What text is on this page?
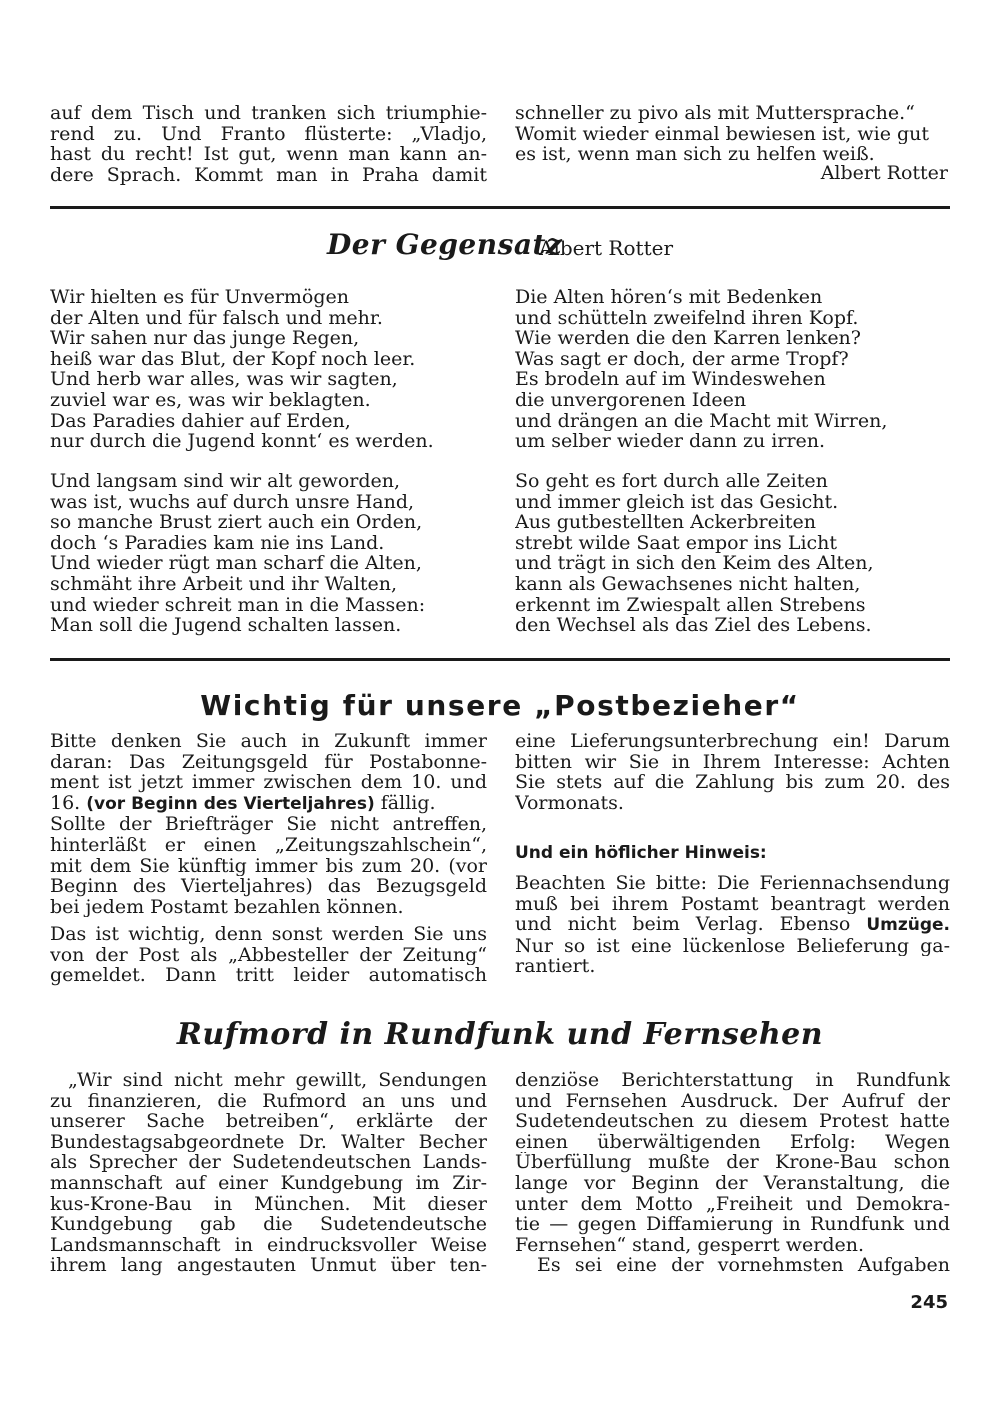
auf dem Tisch und tranken sich triumphie-
rend zu. Und Franto flüsterte: „Vladjo,
hast du recht! Ist gut, wenn man kann an-
dere Sprach. Kommt man in Praha damit
schneller zu pivo als mit Muttersprache.“
Womit wieder einmal bewiesen ist, wie gut
es ist, wenn man sich zu helfen weiß.
Albert Rotter
Der Gegensatz
Albert Rotter
Wir hielten es für Unvermögen
der Alten und für falsch und mehr.
Wir sahen nur das junge Regen,
heiß war das Blut, der Kopf noch leer.
Und herb war alles, was wir sagten,
zuviel war es, was wir beklagten.
Das Paradies dahier auf Erden,
nur durch die Jugend konnt‘ es werden.
Und langsam sind wir alt geworden,
was ist, wuchs auf durch unsre Hand,
so manche Brust ziert auch ein Orden,
doch ‘s Paradies kam nie ins Land.
Und wieder rügt man scharf die Alten,
schmäht ihre Arbeit und ihr Walten,
und wieder schreit man in die Massen:
Man soll die Jugend schalten lassen.
Die Alten hören‘s mit Bedenken
und schütteln zweifelnd ihren Kopf.
Wie werden die den Karren lenken?
Was sagt er doch, der arme Tropf?
Es brodeln auf im Windeswehen
die unvergorenen Ideen
und drängen an die Macht mit Wirren,
um selber wieder dann zu irren.
So geht es fort durch alle Zeiten
und immer gleich ist das Gesicht.
Aus gutbestellten Ackerbreiten
strebt wilde Saat empor ins Licht
und trägt in sich den Keim des Alten,
kann als Gewachsenes nicht halten,
erkennt im Zwiespalt allen Strebens
den Wechsel als das Ziel des Lebens.
Wichtig für unsere „Postbezieher“
Bitte denken Sie auch in Zukunft immer
daran: Das Zeitungsgeld für Postabonne-
ment ist jetzt immer zwischen dem 10. und
16. (vor Beginn des Vierteljahres) fällig.
Sollte der Briefträger Sie nicht antreffen,
hinterläßt er einen „Zeitungszahlschein“,
mit dem Sie künftig immer bis zum 20. (vor
Beginn des Vierteljahres) das Bezugsgeld
bei jedem Postamt bezahlen können.
Das ist wichtig, denn sonst werden Sie uns
von der Post als „Abbesteller der Zeitung“
gemeldet. Dann tritt leider automatisch
eine Lieferungsunterbrechung ein! Darum
bitten wir Sie in Ihrem Interesse: Achten
Sie stets auf die Zahlung bis zum 20. des
Vormonats.
Und ein höflicher Hinweis:
Beachten Sie bitte: Die Feriennachsendung
muß bei ihrem Postamt beantragt werden
und nicht beim Verlag. Ebenso Umzüge.
Nur so ist eine lückenlose Belieferung ga-
rantiert.
Rufmord in Rundfunk und Fernsehen
„Wir sind nicht mehr gewillt, Sendungen
zu finanzieren, die Rufmord an uns und
unserer Sache betreiben“, erklärte der
Bundestagsabgeordnete Dr. Walter Becher
als Sprecher der Sudetendeutschen Lands-
mannschaft auf einer Kundgebung im Zir-
kus-Krone-Bau in München. Mit dieser
Kundgebung gab die Sudetendeutsche
Landsmannschaft in eindrucksvoller Weise
ihrem lang angestauten Unmut über ten-
denziöse Berichterstattung in Rundfunk
und Fernsehen Ausdruck. Der Aufruf der
Sudetendeutschen zu diesem Protest hatte
einen überwältigenden Erfolg: Wegen
Überfüllung mußte der Krone-Bau schon
lange vor Beginn der Veranstaltung, die
unter dem Motto „Freiheit und Demokra-
tie — gegen Diffamierung in Rundfunk und
Fernsehen“ stand, gesperrt werden.
Es sei eine der vornehmsten Aufgaben
245
